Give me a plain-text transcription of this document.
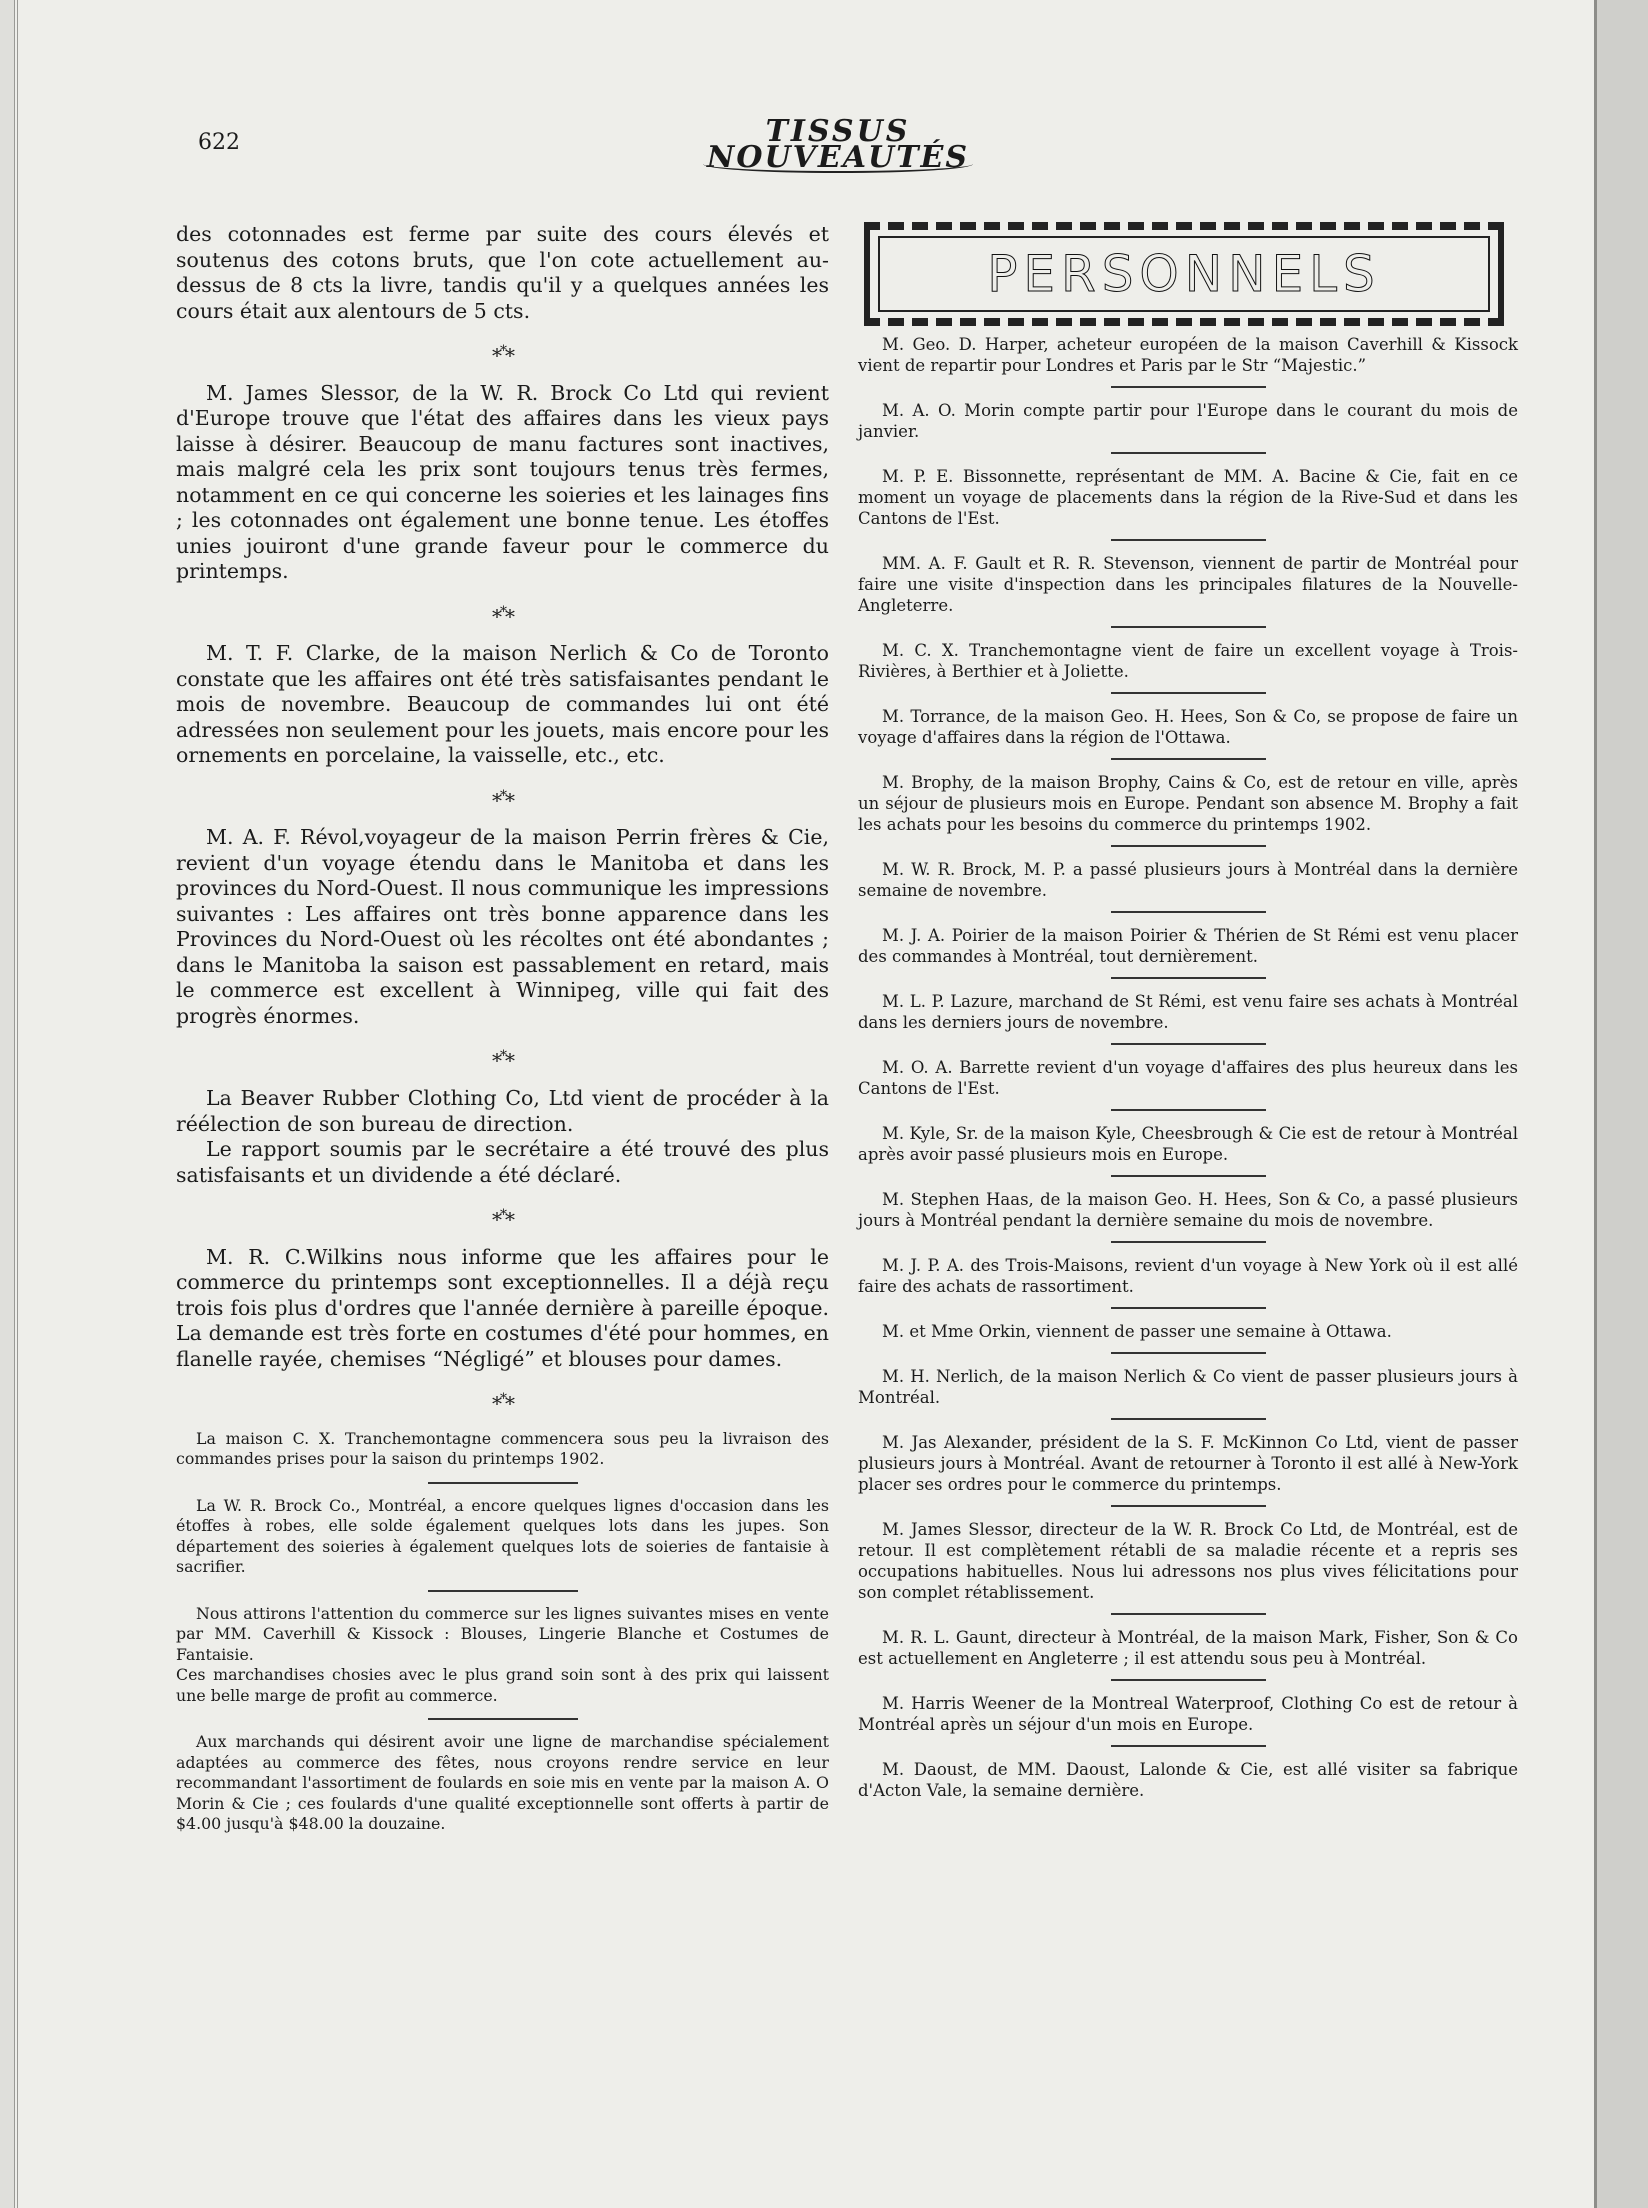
622	TISSUS
NOUVEAUTÉS

des cotonnades est ferme par suite des cours élevés et soutenus des cotons bruts, que l'on cote actuellement au-dessus de 8 cts la livre, tandis qu'il y a quelques années les cours était aux alentours de 5 cts.

***

M. James Slessor, de la W. R. Brock Co Ltd qui revient d'Europe trouve que l'état des affaires dans les vieux pays laisse à désirer. Beaucoup de manu factures sont inactives, mais malgré cela les prix sont toujours tenus très fermes, notamment en ce qui concerne les soieries et les lainages fins ; les cotonnades ont également une bonne tenue. Les étoffes unies jouiront d'une grande faveur pour le commerce du printemps.

***

M. T. F. Clarke, de la maison Nerlich & Co de Toronto constate que les affaires ont été très satisfaisantes pendant le mois de novembre. Beaucoup de commandes lui ont été adressées non seulement pour les jouets, mais encore pour les ornements en porcelaine, la vaisselle, etc., etc.

***

M. A. F. Révol,voyageur de la maison Perrin frères & Cie, revient d'un voyage étendu dans le Manitoba et dans les provinces du Nord-Ouest. Il nous communique les impressions suivantes : Les affaires ont très bonne apparence dans les Provinces du Nord-Ouest où les récoltes ont été abondantes ; dans le Manitoba la saison est passablement en retard, mais le commerce est excellent à Winnipeg, ville qui fait des progrès énormes.

***

La Beaver Rubber Clothing Co, Ltd vient de procéder à la réélection de son bureau de direction.

Le rapport soumis par le secrétaire a été trouvé des plus satisfaisants et un dividende a été déclaré.

***

M. R. C.Wilkins nous informe que les affaires pour le commerce du printemps sont exceptionnelles. Il a déjà reçu trois fois plus d'ordres que l'année dernière à pareille époque. La demande est très forte en costumes d'été pour hommes, en flanelle rayée, chemises “Négligé” et blouses pour dames.

***

La maison C. X. Tranchemontagne commencera sous peu la livraison des commandes prises pour la saison du printemps 1902.

La W. R. Brock Co., Montréal, a encore quelques lignes d'occasion dans les étoffes à robes, elle solde également quelques lots dans les jupes. Son département des soieries à également quelques lots de soieries de fantaisie à sacrifier.

Nous attirons l'attention du commerce sur les lignes suivantes mises en vente par MM. Caverhill & Kissock : Blouses, Lingerie Blanche et Costumes de Fantaisie.

Ces marchandises chosies avec le plus grand soin sont à des prix qui laissent une belle marge de profit au commerce.

Aux marchands qui désirent avoir une ligne de marchandise spécialement adaptées au commerce des fêtes, nous croyons rendre service en leur recommandant l'assortiment de foulards en soie mis en vente par la maison A. O Morin & Cie ; ces foulards d'une qualité exceptionnelle sont offerts à partir de $4.00 jusqu'à $48.00 la douzaine.

PERSONNELS

M. Geo. D. Harper, acheteur européen de la maison Caverhill & Kissock vient de repartir pour Londres et Paris par le Str “Majestic.”

M. A. O. Morin compte partir pour l'Europe dans le courant du mois de janvier.

M. P. E. Bissonnette, représentant de MM. A. Bacine & Cie, fait en ce moment un voyage de placements dans la région de la Rive-Sud et dans les Cantons de l'Est.

MM. A. F. Gault et R. R. Stevenson, viennent de partir de Montréal pour faire une visite d'inspection dans les principales filatures de la Nouvelle-Angleterre.

M. C. X. Tranchemontagne vient de faire un excellent voyage à Trois-Rivières, à Berthier et à Joliette.

M. Torrance, de la maison Geo. H. Hees, Son & Co, se propose de faire un voyage d'affaires dans la région de l'Ottawa.

M. Brophy, de la maison Brophy, Cains & Co, est de retour en ville, après un séjour de plusieurs mois en Europe. Pendant son absence M. Brophy a fait les achats pour les besoins du commerce du printemps 1902.

M. W. R. Brock, M. P. a passé plusieurs jours à Montréal dans la dernière semaine de novembre.

M. J. A. Poirier de la maison Poirier & Thérien de St Rémi est venu placer des commandes à Montréal, tout dernièrement.

M. L. P. Lazure, marchand de St Rémi, est venu faire ses achats à Montréal dans les derniers jours de novembre.

M. O. A. Barrette revient d'un voyage d'affaires des plus heureux dans les Cantons de l'Est.

M. Kyle, Sr. de la maison Kyle, Cheesbrough & Cie est de retour à Montréal après avoir passé plusieurs mois en Europe.

M. Stephen Haas, de la maison Geo. H. Hees, Son & Co, a passé plusieurs jours à Montréal pendant la dernière semaine du mois de novembre.

M. J. P. A. des Trois-Maisons, revient d'un voyage à New York où il est allé faire des achats de rassortiment.

M. et Mme Orkin, viennent de passer une semaine à Ottawa.

M. H. Nerlich, de la maison Nerlich & Co vient de passer plusieurs jours à Montréal.

M. Jas Alexander, président de la S. F. McKinnon Co Ltd, vient de passer plusieurs jours à Montréal. Avant de retourner à Toronto il est allé à New-York placer ses ordres pour le commerce du printemps.

M. James Slessor, directeur de la W. R. Brock Co Ltd, de Montréal, est de retour. Il est complètement rétabli de sa maladie récente et a repris ses occupations habituelles. Nous lui adressons nos plus vives félicitations pour son complet rétablissement.

M. R. L. Gaunt, directeur à Montréal, de la maison Mark, Fisher, Son & Co est actuellement en Angleterre ; il est attendu sous peu à Montréal.

M. Harris Weener de la Montreal Waterproof, Clothing Co est de retour à Montréal après un séjour d'un mois en Europe.

M. Daoust, de MM. Daoust, Lalonde & Cie, est allé visiter sa fabrique d'Acton Vale, la semaine dernière.
